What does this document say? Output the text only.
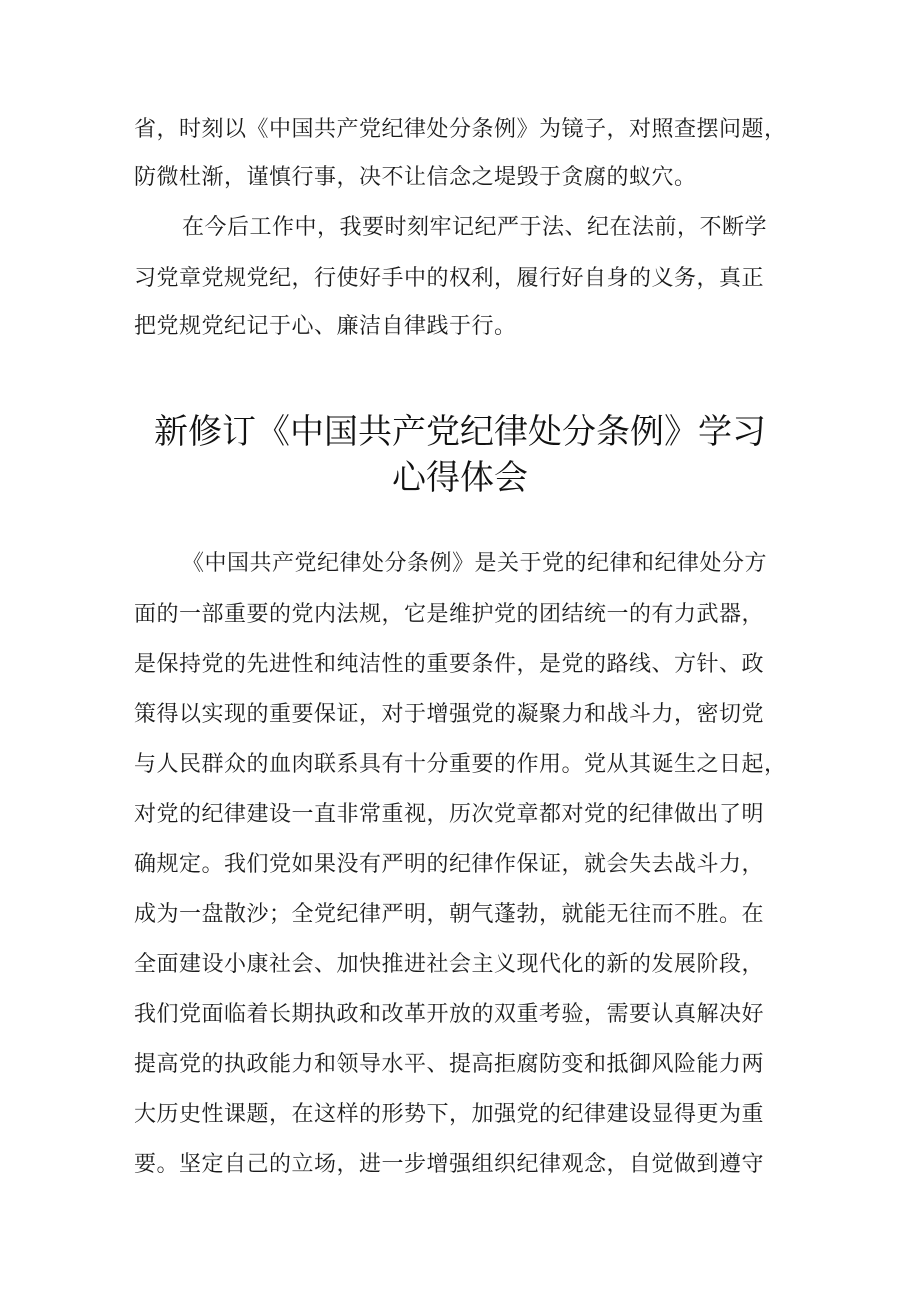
省，时刻以《中国共产党纪律处分条例》为镜子，对照查摆问题，
防微杜渐，谨慎行事，决不让信念之堤毁于贪腐的蚁穴。
在今后工作中，我要时刻牢记纪严于法、纪在法前，不断学
习党章党规党纪，行使好手中的权利，履行好自身的义务，真正
把党规党纪记于心、廉洁自律践于行。
新修订《中国共产党纪律处分条例》学习
心得体会
《中国共产党纪律处分条例》是关于党的纪律和纪律处分方
面的一部重要的党内法规，它是维护党的团结统一的有力武器，
是保持党的先进性和纯洁性的重要条件，是党的路线、方针、政
策得以实现的重要保证，对于增强党的凝聚力和战斗力，密切党
与人民群众的血肉联系具有十分重要的作用。党从其诞生之日起，
对党的纪律建设一直非常重视，历次党章都对党的纪律做出了明
确规定。我们党如果没有严明的纪律作保证，就会失去战斗力，
成为一盘散沙；全党纪律严明，朝气蓬勃，就能无往而不胜。在
全面建设小康社会、加快推进社会主义现代化的新的发展阶段，
我们党面临着长期执政和改革开放的双重考验，需要认真解决好
提高党的执政能力和领导水平、提高拒腐防变和抵御风险能力两
大历史性课题，在这样的形势下，加强党的纪律建设显得更为重
要。坚定自己的立场，进一步增强组织纪律观念，自觉做到遵守
